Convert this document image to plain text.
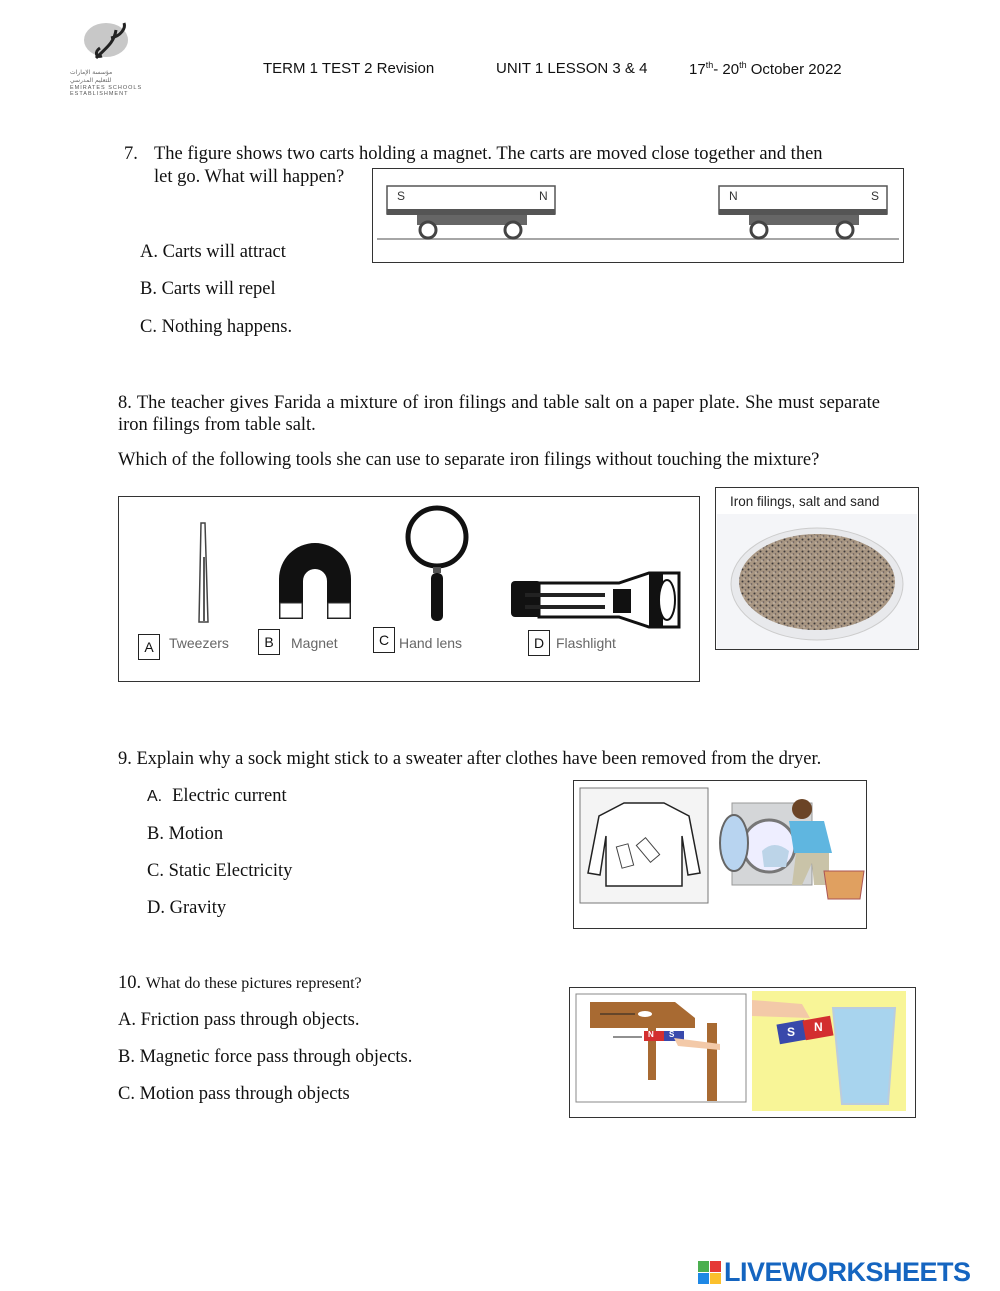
مؤسسة الإمارات
للتعليم المدرسي
EMIRATES SCHOOLS
ESTABLISHMENT
TERM 1 TEST 2 Revision	UNIT 1 LESSON 3 & 4	17th- 20th October 2022
7. The figure shows two carts holding a magnet. The carts are moved close together and then
let go. What will happen?
A. Carts will attract
B. Carts will repel
C. Nothing happens.
S	N	N	S
8. The teacher gives Farida a mixture of iron filings and table salt on a paper plate. She must separate iron filings from table salt.
Which of the following tools she can use to separate iron filings without touching the mixture?
A	Tweezers	B	Magnet	C Hand lens	D Flashlight
Iron filings, salt and sand
9. Explain why a sock might stick to a sweater after clothes have been removed from the dryer.
A. Electric current
B. Motion
C. Static Electricity
D. Gravity
10. What do these pictures represent?
A. Friction pass through objects.
B. Magnetic force pass through objects.
C. Motion pass through objects
N S	S N
LIVEWORKSHEETS
